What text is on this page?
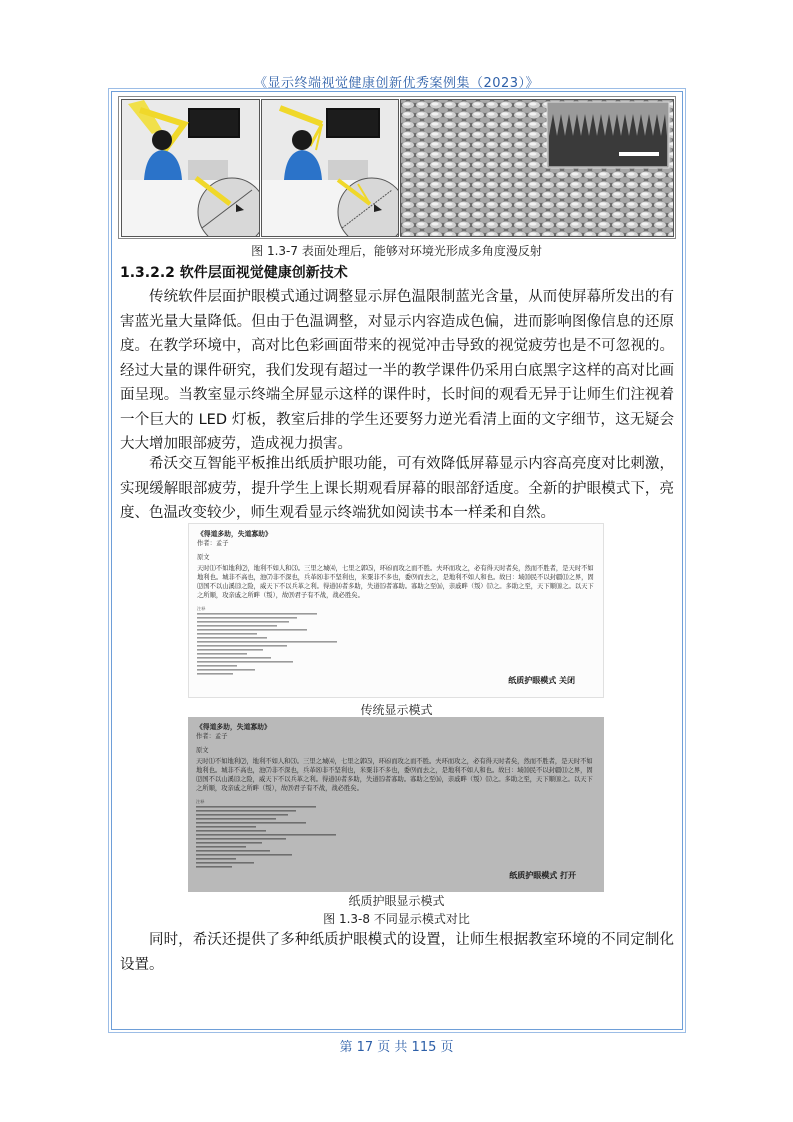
《显示终端视觉健康创新优秀案例集（2023）》
图 1.3-7 表面处理后，能够对环境光形成多角度漫反射
1.3.2.2 软件层面视觉健康创新技术

传统软件层面护眼模式通过调整显示屏色温限制蓝光含量，从而使屏幕所发出的有害蓝光量大量降低。但由于色温调整，对显示内容造成色偏，进而影响图像信息的还原度。 在教学环境中，高对比色彩画面带来的视觉冲击导致的视觉疲劳也是不可忽视的。经过大量的课件研究，我们发现有超过一半的教学课件仍采用白底黑字这样的高对比画面呈现。当教室显示终端全屏显示这样的课件时，长时间的观看无异于让师生们注视着一个巨大的 LED 灯板，教室后排的学生还要努力逆光看清上面的文字细节，这无疑会大大增加眼部疲劳，造成视力损害。

希沃交互智能平板推出纸质护眼功能，可有效降低屏幕显示内容高亮度对比刺激，实现缓解眼部疲劳，提升学生上课长期观看屏幕的眼部舒适度。全新的护眼模式下，亮度、色温改变较少，师生观看显示终端犹如阅读书本一样柔和自然。

《得道多助，失道寡助》
作者：孟子
原文
天时⑴不如地利⑵，地利不如人和⑶。三里之城⑷，七里之郭⑸，环⑹而攻之而不胜。夫环而攻之，必有得天时者矣，然而不胜者，是天时不如地利也。城非不高也，池⑺非不深也，兵革⑻非不坚利也，米粟非不多也，委⑼而去之，是地利不如人和也。故曰：域⑽民不以封疆⑾之界，固⑿国不以山溪⒀之险，威天下不以兵革之利。得道⒁者多助，失道⒂者寡助。寡助之至⒃，亲戚畔（叛）⒄之。多助之至，天下顺⒅之。以天下之所顺，攻亲戚之所畔（叛），故⒆君子有不战，战必胜矣。
注释
纸质护眼模式 关闭
传统显示模式
《得道多助，失道寡助》
作者：孟子
原文
天时⑴不如地利⑵，地利不如人和⑶。三里之城⑷，七里之郭⑸，环⑹而攻之而不胜。夫环而攻之，必有得天时者矣，然而不胜者，是天时不如地利也。城非不高也，池⑺非不深也，兵革⑻非不坚利也，米粟非不多也，委⑼而去之，是地利不如人和也。故曰：域⑽民不以封疆⑾之界，固⑿国不以山溪⒀之险，威天下不以兵革之利。得道⒁者多助，失道⒂者寡助。寡助之至⒃，亲戚畔（叛）⒄之。多助之至，天下顺⒅之。以天下之所顺，攻亲戚之所畔（叛），故⒆君子有不战，战必胜矣。
注释
纸质护眼模式 打开
纸质护眼显示模式
图 1.3-8 不同显示模式对比

同时，希沃还提供了多种纸质护眼模式的设置，让师生根据教室环境的不同定制化设置。

第 17 页 共 115 页
